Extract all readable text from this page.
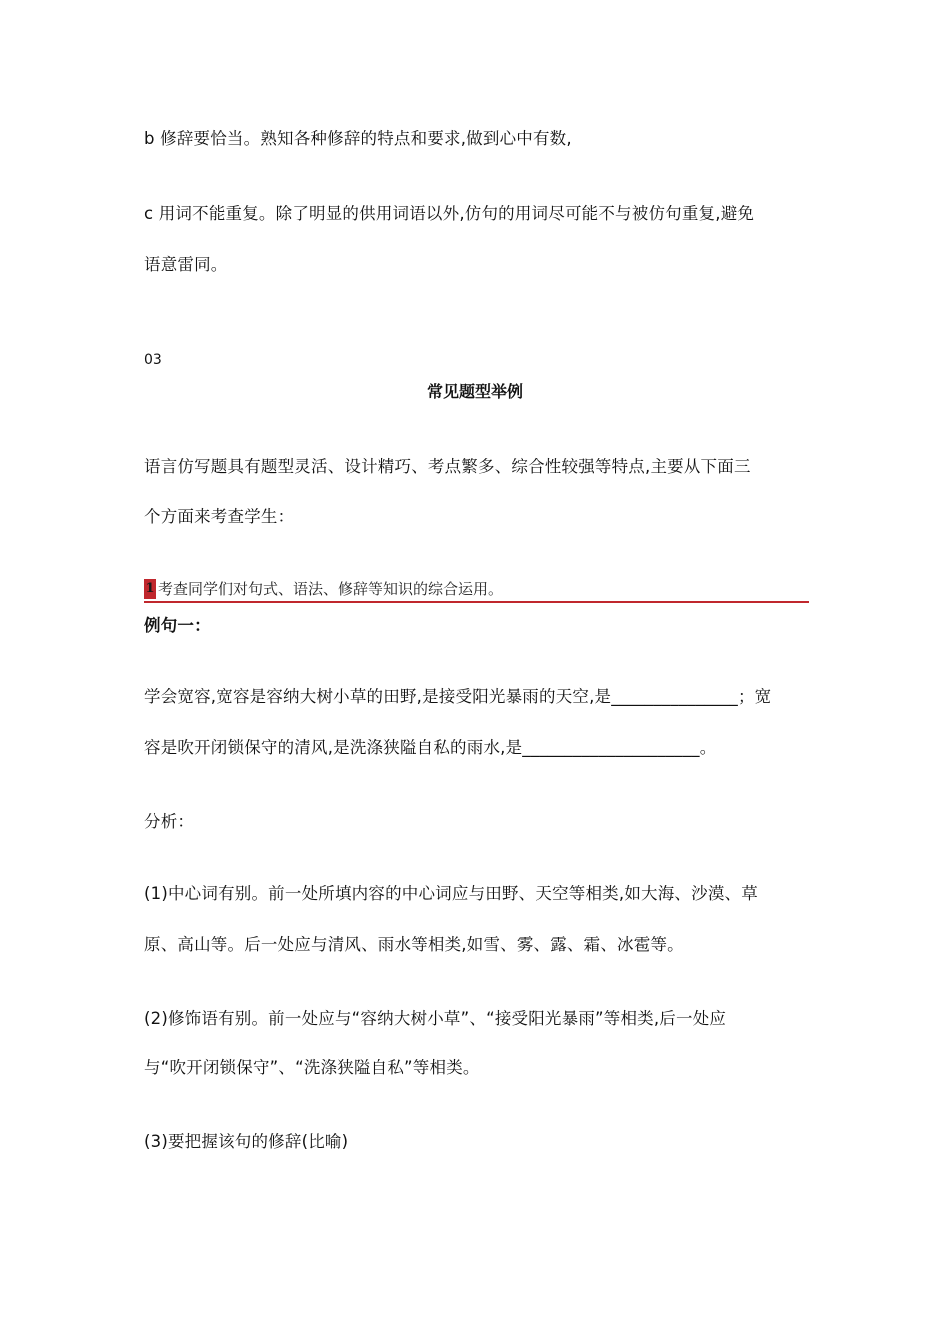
b 修辞要恰当。熟知各种修辞的特点和要求,做到心中有数,
c 用词不能重复。除了明显的供用词语以外,仿句的用词尽可能不与被仿句重复,避免
语意雷同。
03
常见题型举例
语言仿写题具有题型灵活、设计精巧、考点繁多、综合性较强等特点,主要从下面三
个方面来考查学生：
1 考查同学们对句式、语法、修辞等知识的综合运用。
例句一：
学会宽容,宽容是容纳大树小草的田野,是接受阳光暴雨的天空,是_______________；宽
容是吹开闭锁保守的清风,是洗涤狭隘自私的雨水,是_____________________。
分析：
(1)中心词有别。前一处所填内容的中心词应与田野、天空等相类,如大海、沙漠、草
原、高山等。后一处应与清风、雨水等相类,如雪、雾、露、霜、冰雹等。
(2)修饰语有别。前一处应与“容纳大树小草”、“接受阳光暴雨”等相类,后一处应
与“吹开闭锁保守”、“洗涤狭隘自私”等相类。
(3)要把握该句的修辞(比喻)
